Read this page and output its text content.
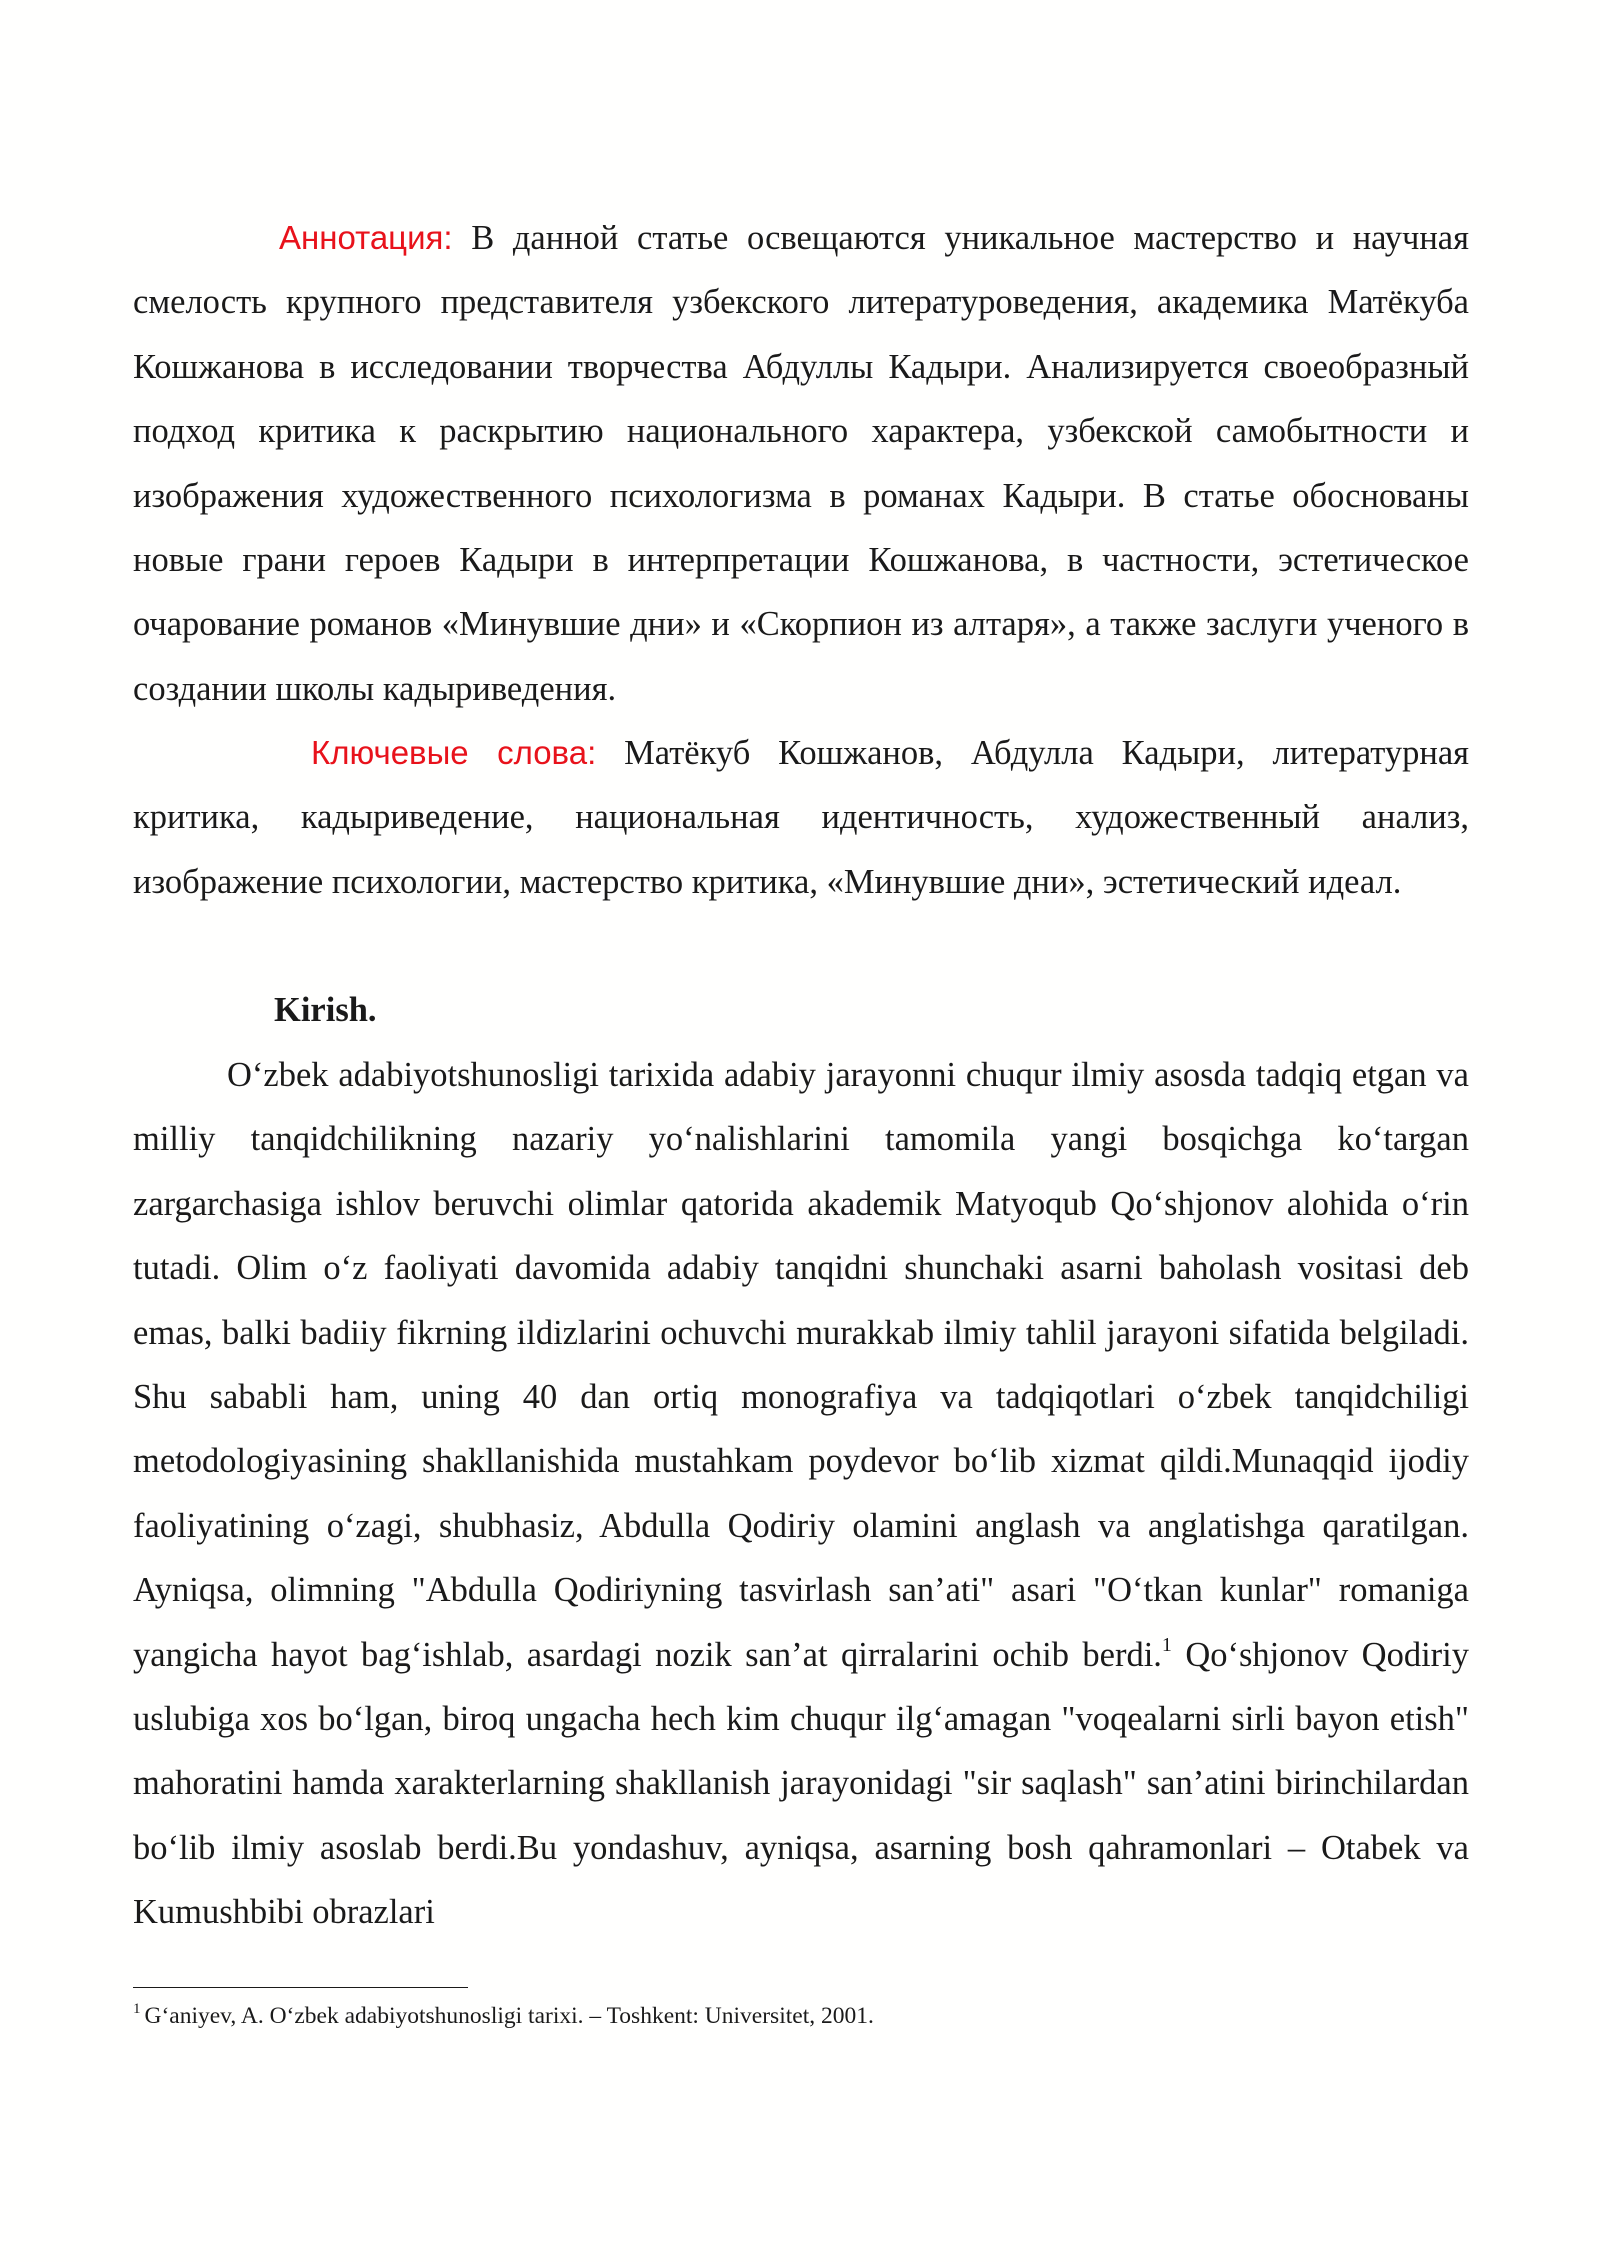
Аннотация: В данной статье освещаются уникальное мастерство и научная смелость крупного представителя узбекского литературоведения, академика Матёкуба Кошжанова в исследовании творчества Абдуллы Кадыри. Анализируется своеобразный подход критика к раскрытию национального характера, узбекской самобытности и изображения художественного психологизма в романах Кадыри. В статье обоснованы новые грани героев Кадыри в интерпретации Кошжанова, в частности, эстетическое очарование романов «Минувшие дни» и «Скорпион из алтаря», а также заслуги ученого в создании школы кадыриведения.

Ключевые слова: Матёкуб Кошжанов, Абдулла Кадыри, литературная критика, кадыриведение, национальная идентичность, художественный анализ, изображение психологии, мастерство критика, «Минувшие дни», эстетический идеал.

Kirish.

O‘zbek adabiyotshunosligi tarixida adabiy jarayonni chuqur ilmiy asosda tadqiq etgan va milliy tanqidchilikning nazariy yo‘nalishlarini tamomila yangi bosqichga ko‘targan zargarchasiga ishlov beruvchi olimlar qatorida akademik Matyoqub Qo‘shjonov alohida o‘rin tutadi. Olim o‘z faoliyati davomida adabiy tanqidni shunchaki asarni baholash vositasi deb emas, balki badiiy fikrning ildizlarini ochuvchi murakkab ilmiy tahlil jarayoni sifatida belgiladi. Shu sababli ham, uning 40 dan ortiq monografiya va tadqiqotlari o‘zbek tanqidchiligi metodologiyasining shakllanishida mustahkam poydevor bo‘lib xizmat qildi.Munaqqid ijodiy faoliyatining o‘zagi, shubhasiz, Abdulla Qodiriy olamini anglash va anglatishga qaratilgan. Ayniqsa, olimning "Abdulla Qodiriyning tasvirlash san’ati" asari "O‘tkan kunlar" romaniga yangicha hayot bag‘ishlab, asardagi nozik san’at qirralarini ochib berdi.$^1$ Qo‘shjonov Qodiriy uslubiga xos bo‘lgan, biroq ungacha hech kim chuqur ilg‘amagan "voqealarni sirli bayon etish" mahoratini hamda xarakterlarning shakllanish jarayonidagi "sir saqlash" san’atini birinchilardan bo‘lib ilmiy asoslab berdi.Bu yondashuv, ayniqsa, asarning bosh qahramonlari – Otabek va Kumushbibi obrazlari

$^1$ G‘aniyev, A. O‘zbek adabiyotshunosligi tarixi. – Toshkent: Universitet, 2001.
